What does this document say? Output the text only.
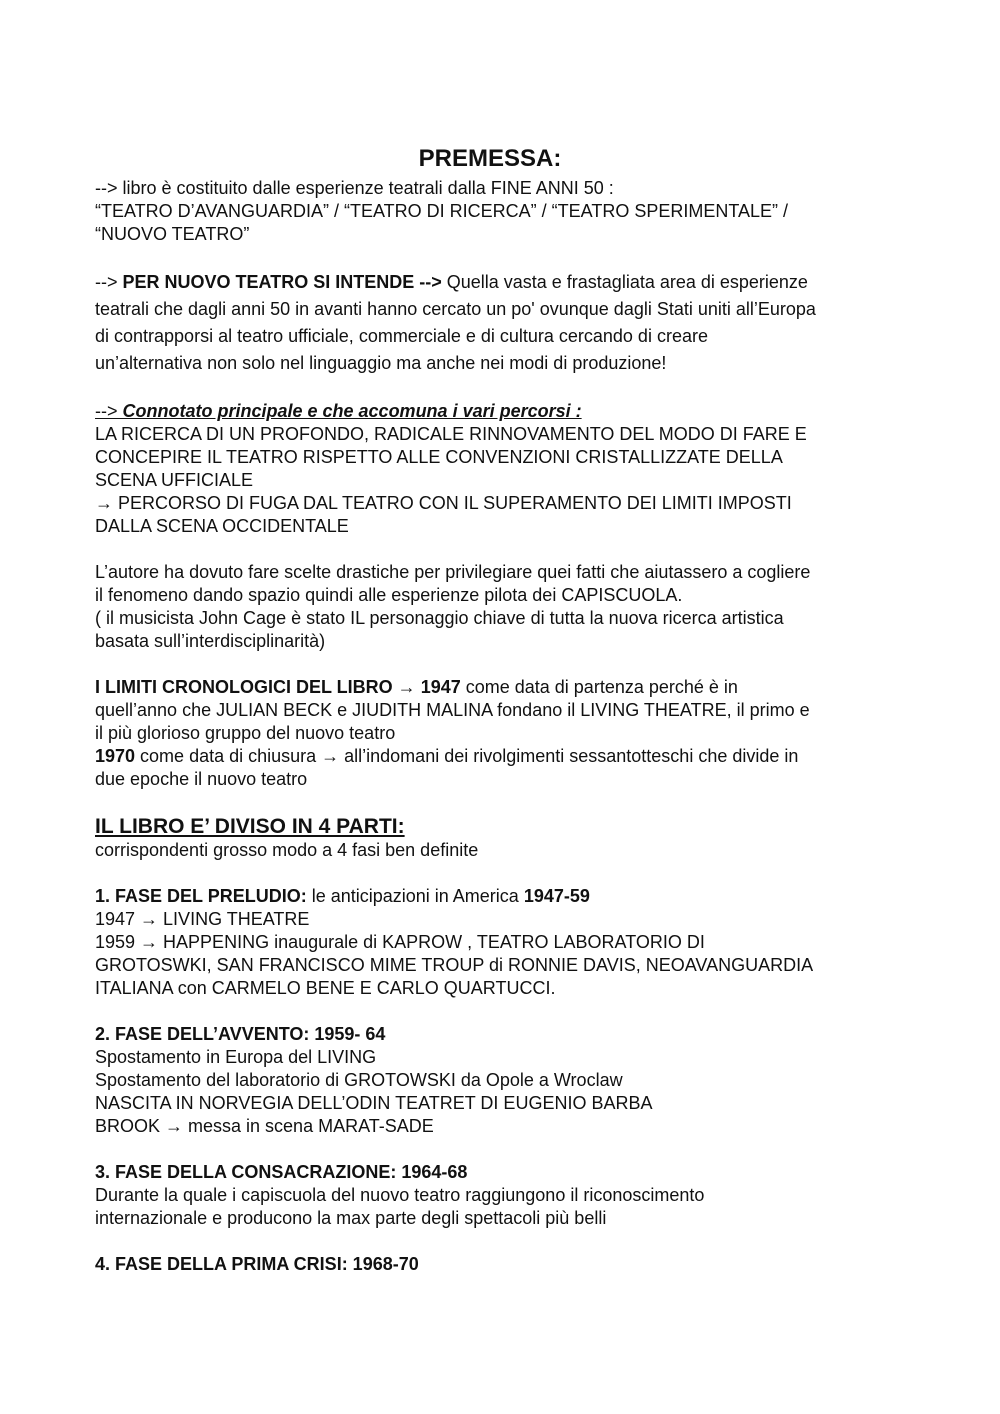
PREMESSA:

--> libro è costituito dalle esperienze teatrali dalla FINE ANNI 50 :

“TEATRO D’AVANGUARDIA” / “TEATRO DI RICERCA” / “TEATRO SPERIMENTALE” /

“NUOVO TEATRO”

--> PER NUOVO TEATRO SI INTENDE --> Quella vasta e frastagliata area di esperienze

teatrali che dagli anni 50 in avanti hanno cercato un po' ovunque dagli Stati uniti all’Europa

di contrapporsi al teatro ufficiale, commerciale e di cultura cercando di creare

un’alternativa non solo nel linguaggio ma anche nei modi di produzione!

--> Connotato principale e che accomuna i vari percorsi :

LA RICERCA DI UN PROFONDO, RADICALE RINNOVAMENTO DEL MODO DI FARE E

CONCEPIRE IL TEATRO RISPETTO ALLE CONVENZIONI CRISTALLIZZATE DELLA

SCENA UFFICIALE

→ PERCORSO DI FUGA DAL TEATRO CON IL SUPERAMENTO DEI LIMITI IMPOSTI

DALLA SCENA OCCIDENTALE

L’autore ha dovuto fare scelte drastiche per privilegiare quei fatti che aiutassero a cogliere

il fenomeno dando spazio quindi alle esperienze pilota dei CAPISCUOLA.

( il musicista John Cage è stato IL personaggio chiave di tutta la nuova ricerca artistica

basata sull’interdisciplinarità)

I LIMITI CRONOLOGICI DEL LIBRO → 1947 come data di partenza perché è in

quell’anno che JULIAN BECK e JIUDITH MALINA fondano il LIVING THEATRE, il primo e

il più glorioso gruppo del nuovo teatro

1970 come data di chiusura → all’indomani dei rivolgimenti sessantotteschi che divide in

due epoche il nuovo teatro

IL LIBRO E’ DIVISO IN 4 PARTI:

corrispondenti grosso modo a 4 fasi ben definite

1. FASE DEL PRELUDIO: le anticipazioni in America 1947-59

1947 → LIVING THEATRE

1959 → HAPPENING inaugurale di KAPROW , TEATRO LABORATORIO DI

GROTOSWKI, SAN FRANCISCO MIME TROUP di RONNIE DAVIS, NEOAVANGUARDIA

ITALIANA con CARMELO BENE E CARLO QUARTUCCI.

2. FASE DELL’AVVENTO: 1959- 64

Spostamento in Europa del LIVING

Spostamento del laboratorio di GROTOWSKI da Opole a Wroclaw

NASCITA IN NORVEGIA DELL’ODIN TEATRET DI EUGENIO BARBA

BROOK → messa in scena MARAT-SADE

3. FASE DELLA CONSACRAZIONE: 1964-68

Durante la quale i capiscuola del nuovo teatro raggiungono il riconoscimento

internazionale e producono la max parte degli spettacoli più belli

4. FASE DELLA PRIMA CRISI: 1968-70
